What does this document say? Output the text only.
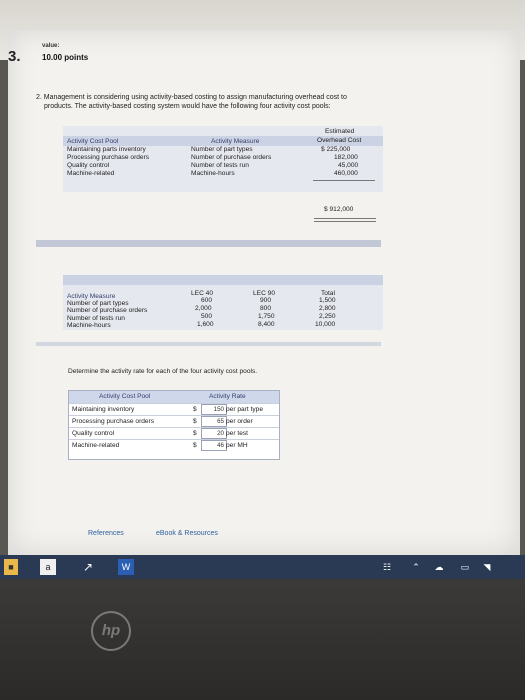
3.
value:
10.00 points
2. Management is considering using activity-based costing to assign manufacturing overhead cost to
products. The activity-based costing system would have the following four activity cost pools:
Estimated
Overhead Cost
Activity Cost Pool	Activity Measure
Maintaining parts inventory	Number of part types	$ 225,000
Processing purchase orders	Number of purchase orders	182,000
Quality control	Number of tests run	45,000
Machine-related	Machine-hours	460,000
$ 912,000
Activity Measure	LEC 40	LEC 90	Total
Number of part types	600	900	1,500
Number of purchase orders	2,000	800	2,800
Number of tests run	500	1,750	2,250
Machine-hours	1,600	8,400	10,000
Determine the activity rate for each of the four activity cost pools.
Activity Cost Pool	Activity Rate
Maintaining inventory	$	150 per part type
Processing purchase orders	$	65 per order
Quality control	$	20 per test
Machine-related	$	46 per MH
References	eBook & Resources
■	a	↗	W	☷	⌃ ☁	▭	◥
hp
